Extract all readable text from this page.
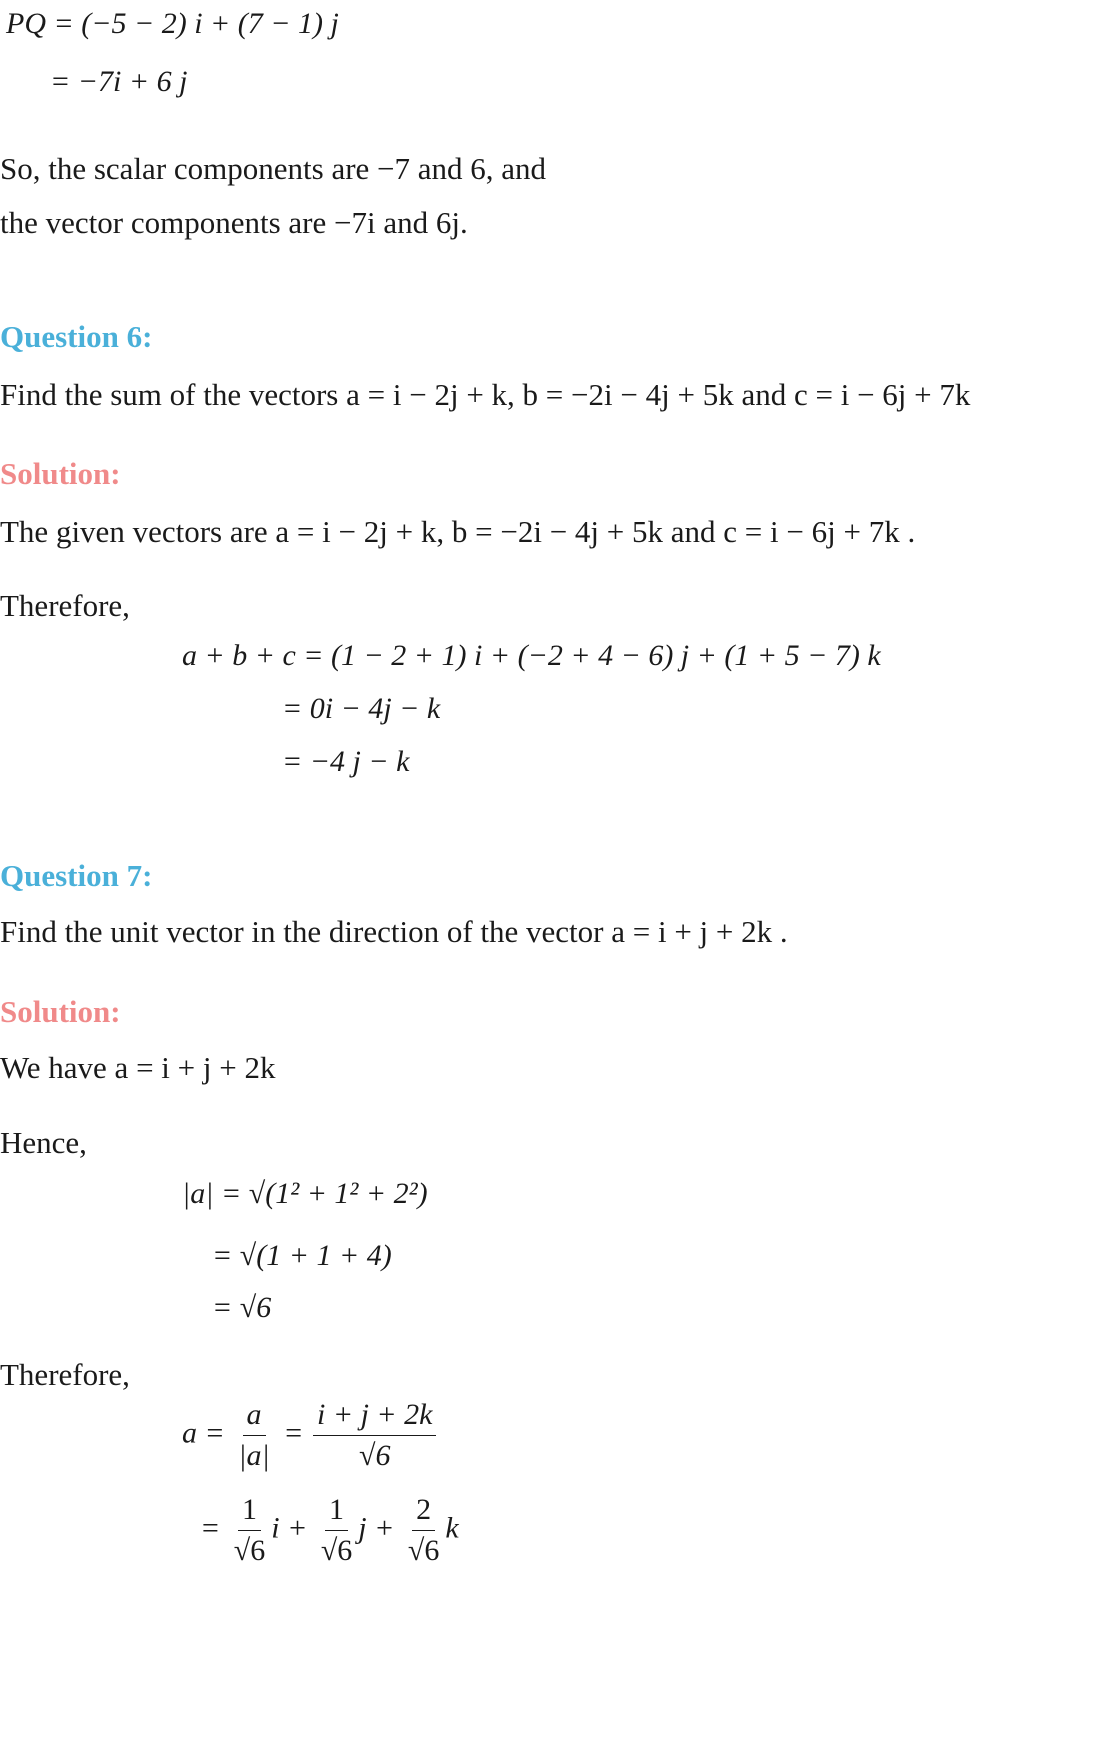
PQ = (−5 − 2) i + (7 − 1) j
= −7i + 6 j
So, the scalar components are −7 and 6, and
the vector components are −7i and 6j.
Question 6:
Find the sum of the vectors a = i − 2j + k, b = −2i − 4j + 5k and c = i − 6j + 7k
Solution:
The given vectors are a = i − 2j + k, b = −2i − 4j + 5k and c = i − 6j + 7k .
Therefore,
a + b + c = (1 − 2 + 1) i + (−2 + 4 − 6) j + (1 + 5 − 7) k
= 0i − 4j − k
= −4 j − k
Question 7:
Find the unit vector in the direction of the vector a = i + j + 2k .
Solution:
We have a = i + j + 2k
Hence,
|a| = √(1² + 1² + 2²)
= √(1 + 1 + 4)
= √6
Therefore,
$a = \frac{a}{|a|} = \frac{i + j + 2k}{√6}$
= $\frac{1}{√6}$ $i + \frac{1}{√6}$ $j + \frac{2}{√6}$ k
